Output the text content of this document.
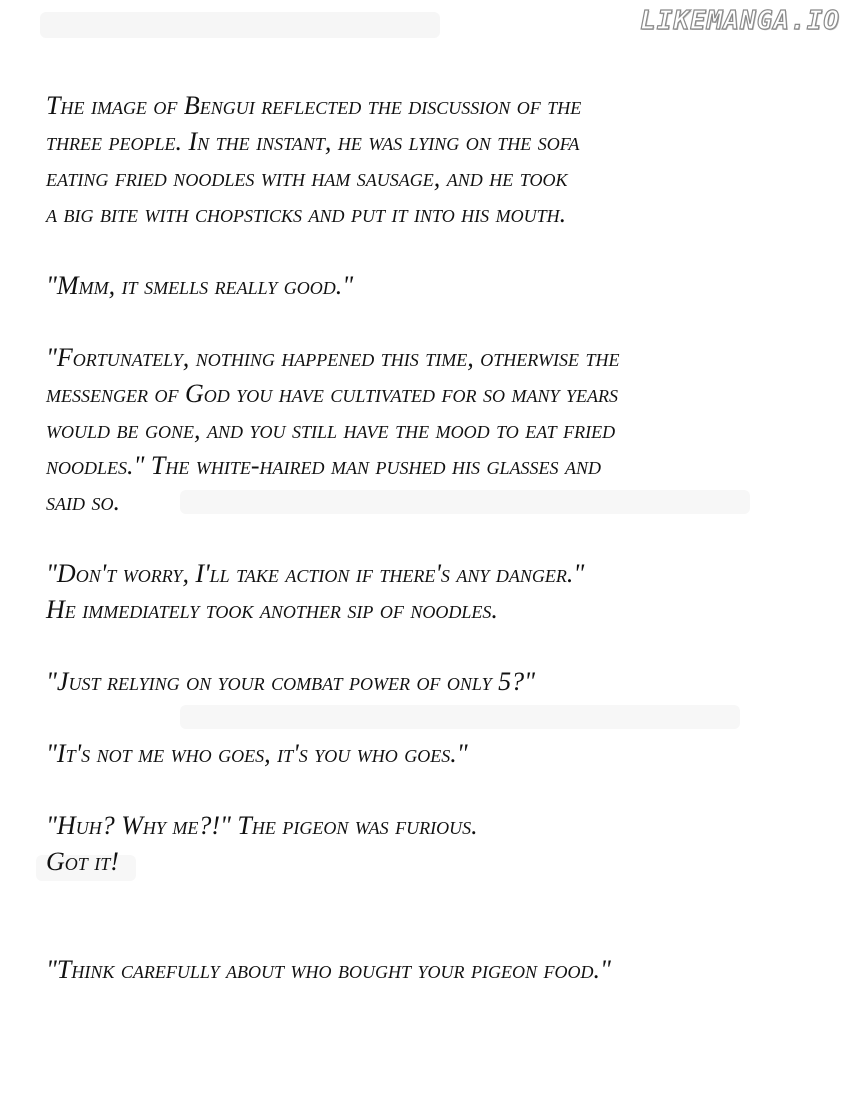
LIKEMANGA.IO
The image of Bengui reflected the discussion of the
three people. In the instant, he was lying on the sofa
eating fried noodles with ham sausage, and he took
a big bite with chopsticks and put it into his mouth.
"Mmm, it smells really good."
"Fortunately, nothing happened this time, otherwise the
messenger of God you have cultivated for so many years
would be gone, and you still have the mood to eat fried
noodles." The white-haired man pushed his glasses and
said so.
"Don't worry, I'll take action if there's any danger."
He immediately took another sip of noodles.
"Just relying on your combat power of only 5?"
"It's not me who goes, it's you who goes."
"Huh? Why me?!" The pigeon was furious.
Got it!
"Think carefully about who bought your pigeon food."
